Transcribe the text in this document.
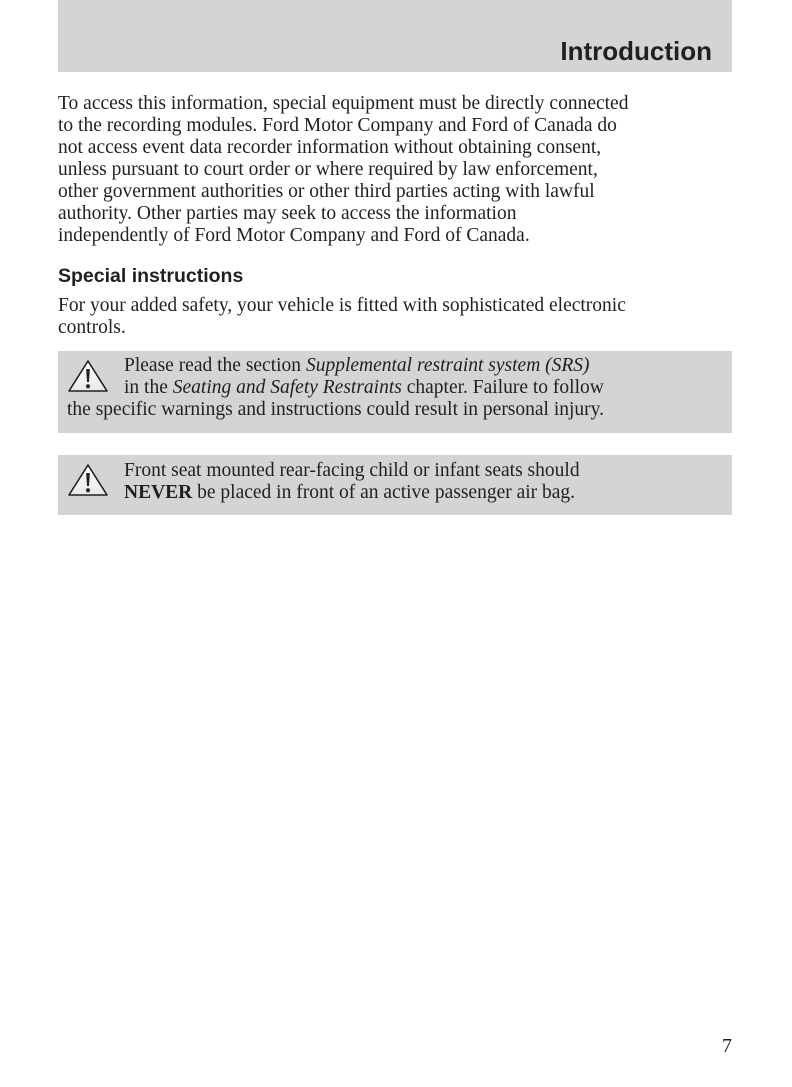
Introduction
To access this information, special equipment must be directly connected
to the recording modules. Ford Motor Company and Ford of Canada do
not access event data recorder information without obtaining consent,
unless pursuant to court order or where required by law enforcement,
other government authorities or other third parties acting with lawful
authority. Other parties may seek to access the information
independently of Ford Motor Company and Ford of Canada.
Special instructions
For your added safety, your vehicle is fitted with sophisticated electronic
controls.
Please read the section Supplemental restraint system (SRS)
in the Seating and Safety Restraints chapter. Failure to follow
the specific warnings and instructions could result in personal injury.
Front seat mounted rear-facing child or infant seats should
NEVER be placed in front of an active passenger air bag.
7
